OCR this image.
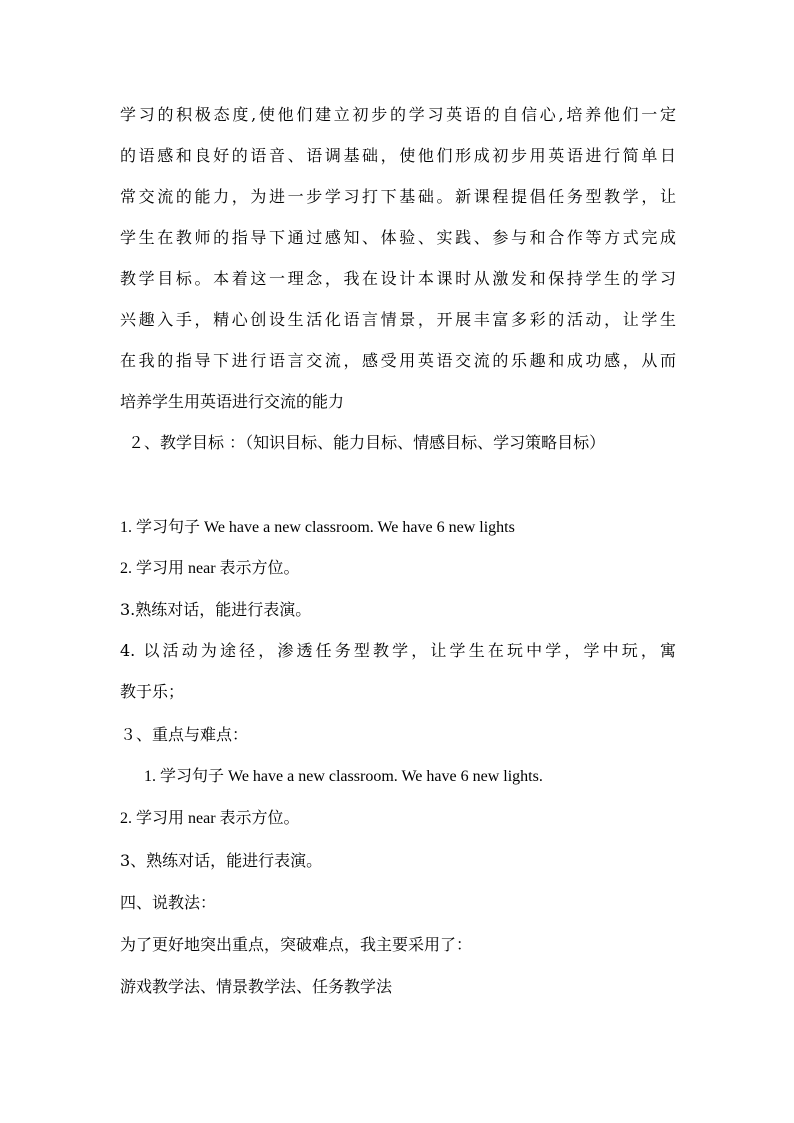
学习的积极态度,使他们建立初步的学习英语的自信心,培养他们一定
的语感和良好的语音、语调基础，使他们形成初步用英语进行简单日
常交流的能力，为进一步学习打下基础。新课程提倡任务型教学，让
学生在教师的指导下通过感知、体验、实践、参与和合作等方式完成
教学目标。本着这一理念，我在设计本课时从激发和保持学生的学习
兴趣入手，精心创设生活化语言情景，开展丰富多彩的活动，让学生
在我的指导下进行语言交流，感受用英语交流的乐趣和成功感，从而
培养学生用英语进行交流的能力
２、教学目标 ：（知识目标、能力目标、情感目标、学习策略目标）
1. 学习句子 We have a new classroom. We have 6 new lights
2. 学习用 near 表示方位。
3.熟练对话，能进行表演。
4. 以活动为途径，渗透任务型教学，让学生在玩中学，学中玩，寓
教于乐；
３、重点与难点：
1. 学习句子 We have a new classroom. We have 6 new lights.
2. 学习用 near 表示方位。
3、熟练对话，能进行表演。
四、说教法：
为了更好地突出重点，突破难点，我主要采用了：
游戏教学法、情景教学法、任务教学法
